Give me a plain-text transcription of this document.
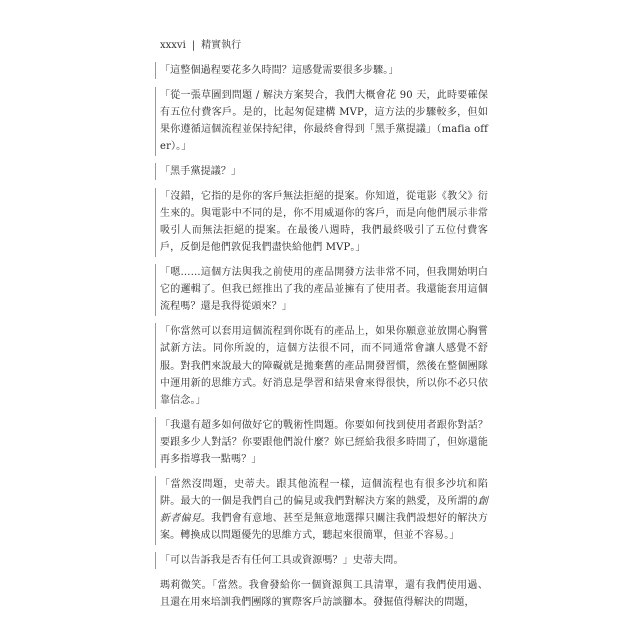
xxxvi | 精實執行

「這整個過程要花多久時間？這感覺需要很多步驟。」

「從一張草圖到問題 / 解決方案契合，我們大概會花 90 天，此時要確保有五位付費客戶。是的，比起匆促建構 MVP，這方法的步驟較多，但如果你遵循這個流程並保持紀律，你最終會得到「黑手黨提議」（mafia offer）。」

「黑手黨提議？」

「沒錯，它指的是你的客戶無法拒絕的提案。你知道，從電影《教父》衍生來的。與電影中不同的是，你不用威逼你的客戶，而是向他們展示非常吸引人而無法拒絕的提案。在最後八週時，我們最終吸引了五位付費客戶，反倒是他們敦促我們盡快給他們 MVP。」

「嗯……這個方法與我之前使用的產品開發方法非常不同，但我開始明白它的邏輯了。但我已經推出了我的產品並擁有了使用者。我還能套用這個流程嗎？還是我得從頭來？」

「你當然可以套用這個流程到你既有的產品上，如果你願意並放開心胸嘗試新方法。同你所說的，這個方法很不同，而不同通常會讓人感覺不舒服。對我們來說最大的障礙就是拋棄舊的產品開發習慣，然後在整個團隊中運用新的思維方式。好消息是學習和結果會來得很快，所以你不必只依靠信念。」

「我還有超多如何做好它的戰術性問題。你要如何找到使用者跟你對話？要跟多少人對話？你要跟他們說什麼？妳已經給我很多時間了，但妳還能再多指導我一點嗎？」

「當然沒問題，史蒂夫。跟其他流程一樣，這個流程也有很多沙坑和陷阱。最大的一個是我們自己的偏見或我們對解決方案的熱愛，及所謂的創新者偏見。我們會有意地、甚至是無意地選擇只關注我們設想好的解決方案。轉換成以問題優先的思維方式，聽起來很簡單，但並不容易。」

「可以告訴我是否有任何工具或資源嗎？」史蒂夫問。

瑪莉微笑。「當然。我會發給你一個資源與工具清單，還有我們使用過、且還在用來培訓我們團隊的實際客戶訪談腳本。發掘值得解決的問題，
